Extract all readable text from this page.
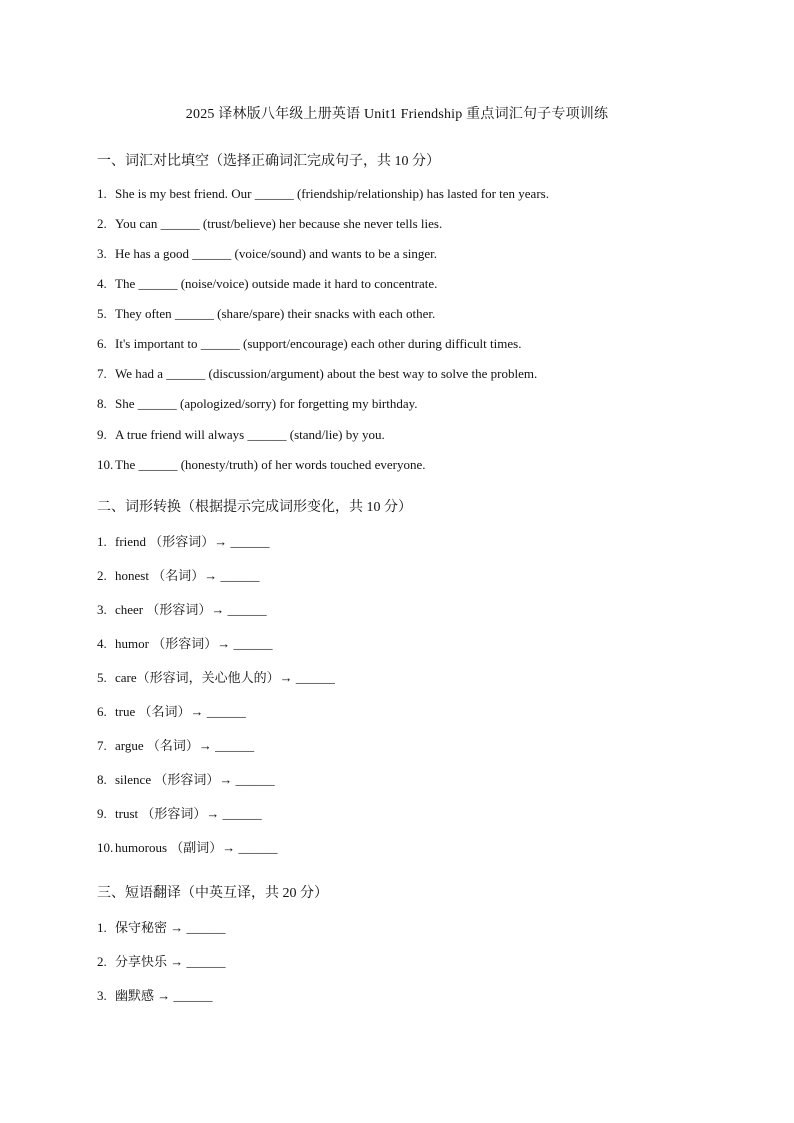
2025 译林版八年级上册英语 Unit1 Friendship 重点词汇句子专项训练
一、词汇对比填空（选择正确词汇完成句子，共 10 分）
1. She is my best friend. Our ______ (friendship/relationship) has lasted for ten years.
2. You can ______ (trust/believe) her because she never tells lies.
3. He has a good ______ (voice/sound) and wants to be a singer.
4. The ______ (noise/voice) outside made it hard to concentrate.
5. They often ______ (share/spare) their snacks with each other.
6. It's important to ______ (support/encourage) each other during difficult times.
7. We had a ______ (discussion/argument) about the best way to solve the problem.
8. She ______ (apologized/sorry) for forgetting my birthday.
9. A true friend will always ______ (stand/lie) by you.
10. The ______ (honesty/truth) of her words touched everyone.
二、词形转换（根据提示完成词形变化，共 10 分）
1. friend （形容词）→ ______
2. honest （名词）→ ______
3. cheer （形容词）→ ______
4. humor （形容词）→ ______
5. care（形容词，关心他人的）→ ______
6. true （名词）→ ______
7. argue （名词）→ ______
8. silence （形容词）→ ______
9. trust （形容词）→ ______
10. humorous （副词）→ ______
三、短语翻译（中英互译，共 20 分）
1. 保守秘密 → ______
2. 分享快乐 → ______
3. 幽默感 → ______
